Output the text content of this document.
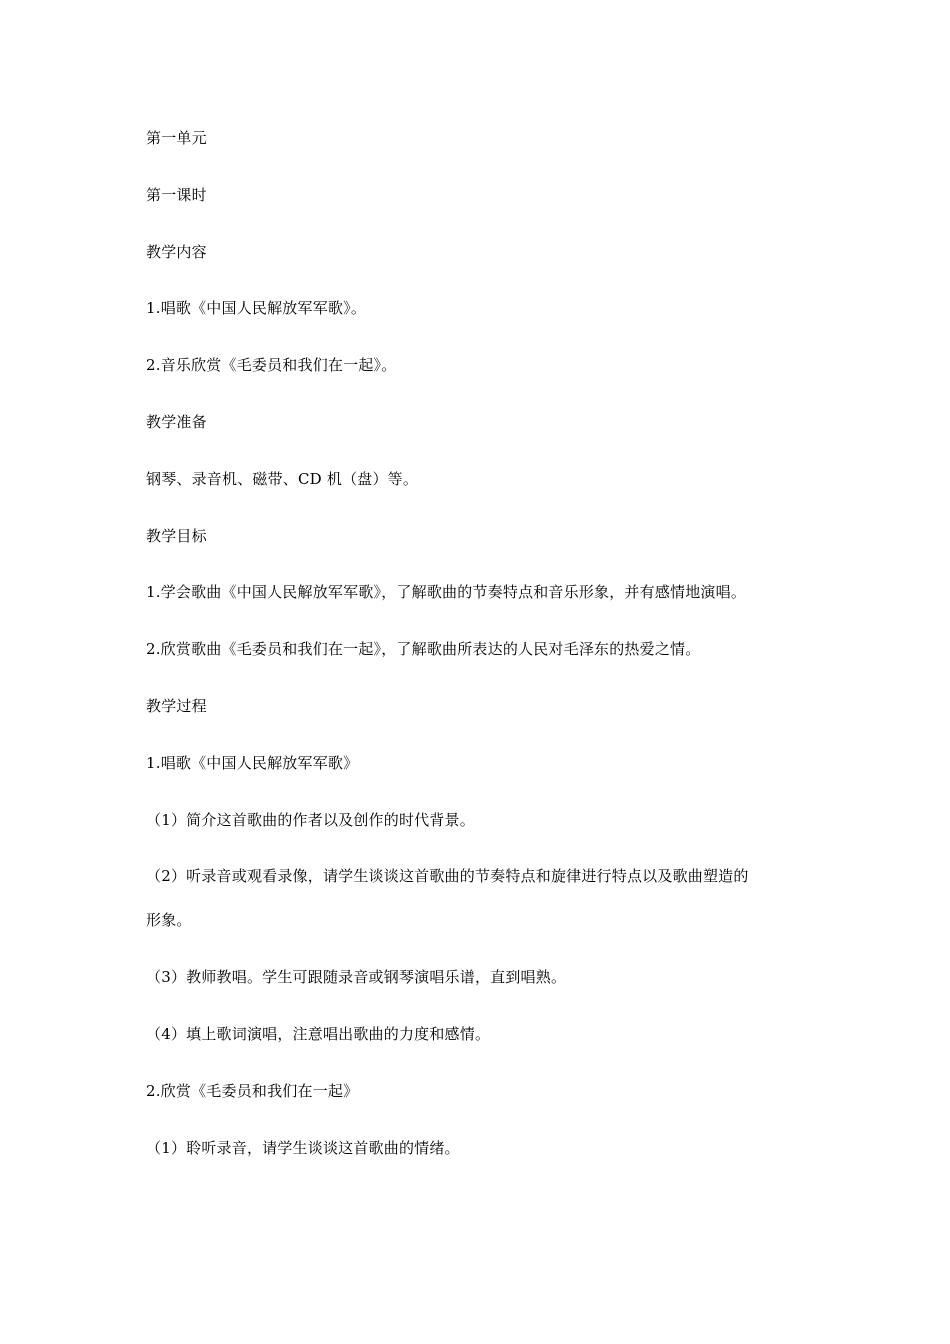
第一单元
第一课时
教学内容
1.唱歌《中国人民解放军军歌》。
2.音乐欣赏《毛委员和我们在一起》。
教学准备
钢琴、录音机、磁带、CD 机（盘）等。
教学目标
1.学会歌曲《中国人民解放军军歌》，了解歌曲的节奏特点和音乐形象，并有感情地演唱。
2.欣赏歌曲《毛委员和我们在一起》，了解歌曲所表达的人民对毛泽东的热爱之情。
教学过程
1.唱歌《中国人民解放军军歌》
（1）简介这首歌曲的作者以及创作的时代背景。
（2）听录音或观看录像，请学生谈谈这首歌曲的节奏特点和旋律进行特点以及歌曲塑造的
形象。
（3）教师教唱。学生可跟随录音或钢琴演唱乐谱，直到唱熟。
（4）填上歌词演唱，注意唱出歌曲的力度和感情。
2.欣赏《毛委员和我们在一起》
（1）聆听录音，请学生谈谈这首歌曲的情绪。
